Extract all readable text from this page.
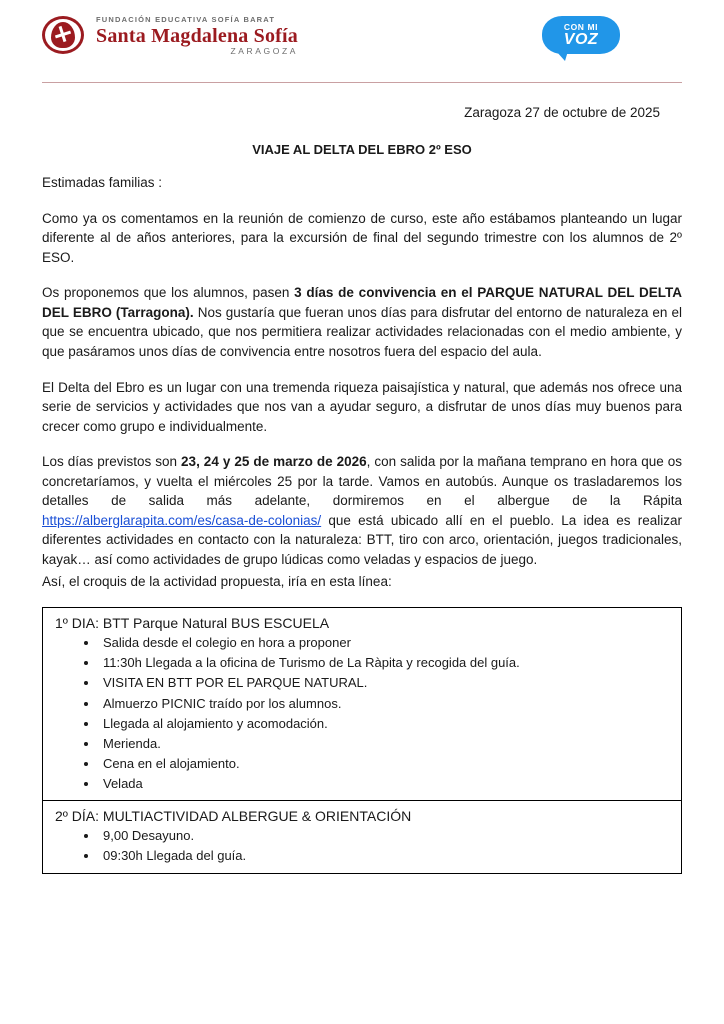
FUNDACIÓN EDUCATIVA SOFÍA BARAT
Santa Magdalena Sofía
ZARAGOZA
CON MI
VOZ
Zaragoza 27 de octubre de 2025
VIAJE AL DELTA DEL EBRO 2º ESO

Estimadas familias :

Como ya os comentamos en la reunión de comienzo de curso, este año estábamos planteando un lugar diferente al de años anteriores, para la excursión de final del segundo trimestre con los alumnos de 2º ESO.

Os proponemos que los alumnos, pasen 3 días de convivencia en el PARQUE NATURAL DEL DELTA DEL EBRO (Tarragona). Nos gustaría que fueran unos días para disfrutar del entorno de naturaleza en el que se encuentra ubicado, que nos permitiera realizar actividades relacionadas con el medio ambiente, y que pasáramos unos días de convivencia entre nosotros fuera del espacio del aula.

El Delta del Ebro es un lugar con una tremenda riqueza paisajística y natural, que además nos ofrece una serie de servicios y actividades que nos van a ayudar seguro, a disfrutar de unos días muy buenos para crecer como grupo e individualmente.

Los días previstos son 23, 24 y 25 de marzo de 2026, con salida por la mañana temprano en hora que os concretaríamos, y vuelta el miércoles 25 por la tarde. Vamos en autobús. Aunque os trasladaremos los detalles de salida más adelante, dormiremos en el albergue de la Rápita https://alberglarapita.com/es/casa-de-colonias/ que está ubicado allí en el pueblo. La idea es realizar diferentes actividades en contacto con la naturaleza: BTT, tiro con arco, orientación, juegos tradicionales, kayak… así como actividades de grupo lúdicas como veladas y espacios de juego.

Así, el croquis de la actividad propuesta, iría en esta línea:

1º DIA: BTT Parque Natural BUS ESCUELA
• Salida desde el colegio en hora a proponer
• 11:30h Llegada a la oficina de Turismo de La Ràpita y recogida del guía.
• VISITA EN BTT POR EL PARQUE NATURAL.
• Almuerzo PICNIC traído por los alumnos.
• Llegada al alojamiento y acomodación.
• Merienda.
• Cena en el alojamiento.
• Velada
2º DÍA: MULTIACTIVIDAD ALBERGUE & ORIENTACIÓN
• 9,00 Desayuno.
• 09:30h Llegada del guía.
